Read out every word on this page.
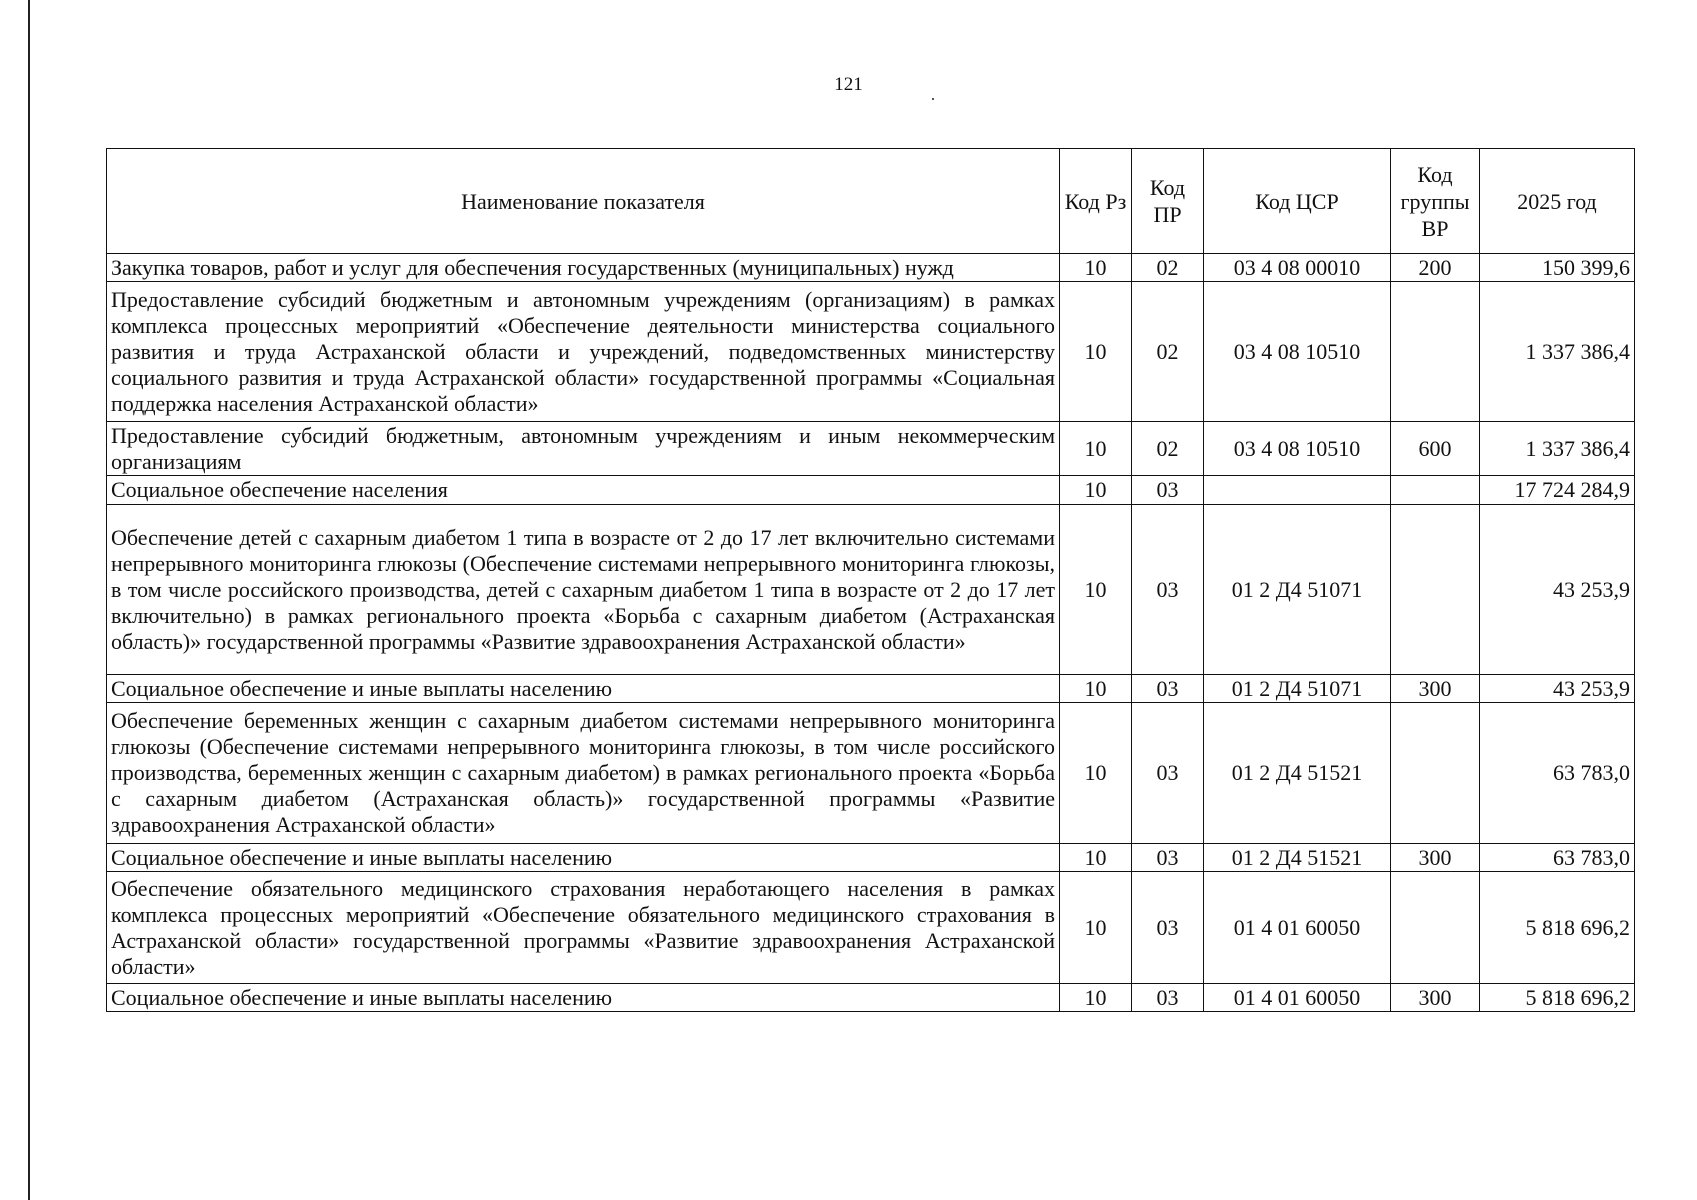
121
Наименование показателя	Код Рз	Код ПР	Код ЦСР	Код группы ВР	2025 год
Закупка товаров, работ и услуг для обеспечения государственных (муниципальных) нужд	10	02	03 4 08 00010	200	150 399,6
Предоставление субсидий бюджетным и автономным учреждениям (организациям) в рамках комплекса процессных мероприятий «Обеспечение деятельности министерства социального развития и труда Астраханской области и учреждений, подведомственных министерству социального развития и труда Астраханской области» государственной программы «Социальная поддержка населения Астраханской области»	10	02	03 4 08 10510		1 337 386,4
Предоставление субсидий бюджетным, автономным учреждениям и иным некоммерческим организациям	10	02	03 4 08 10510	600	1 337 386,4
Социальное обеспечение населения	10	03			17 724 284,9
Обеспечение детей с сахарным диабетом 1 типа в возрасте от 2 до 17 лет включительно системами непрерывного мониторинга глюкозы (Обеспечение системами непрерывного мониторинга глюкозы, в том числе российского производства, детей с сахарным диабетом 1 типа в возрасте от 2 до 17 лет включительно) в рамках регионального проекта «Борьба с сахарным диабетом (Астраханская область)» государственной программы «Развитие здравоохранения Астраханской области»	10	03	01 2 Д4 51071		43 253,9
Социальное обеспечение и иные выплаты населению	10	03	01 2 Д4 51071	300	43 253,9
Обеспечение беременных женщин с сахарным диабетом системами непрерывного мониторинга глюкозы (Обеспечение системами непрерывного мониторинга глюкозы, в том числе российского производства, беременных женщин с сахарным диабетом) в рамках регионального проекта «Борьба с сахарным диабетом (Астраханская область)» государственной программы «Развитие здравоохранения Астраханской области»	10	03	01 2 Д4 51521		63 783,0
Социальное обеспечение и иные выплаты населению	10	03	01 2 Д4 51521	300	63 783,0
Обеспечение обязательного медицинского страхования неработающего населения в рамках комплекса процессных мероприятий «Обеспечение обязательного медицинского страхования в Астраханской области» государственной программы «Развитие здравоохранения Астраханской области»	10	03	01 4 01 60050		5 818 696,2
Социальное обеспечение и иные выплаты населению	10	03	01 4 01 60050	300	5 818 696,2
